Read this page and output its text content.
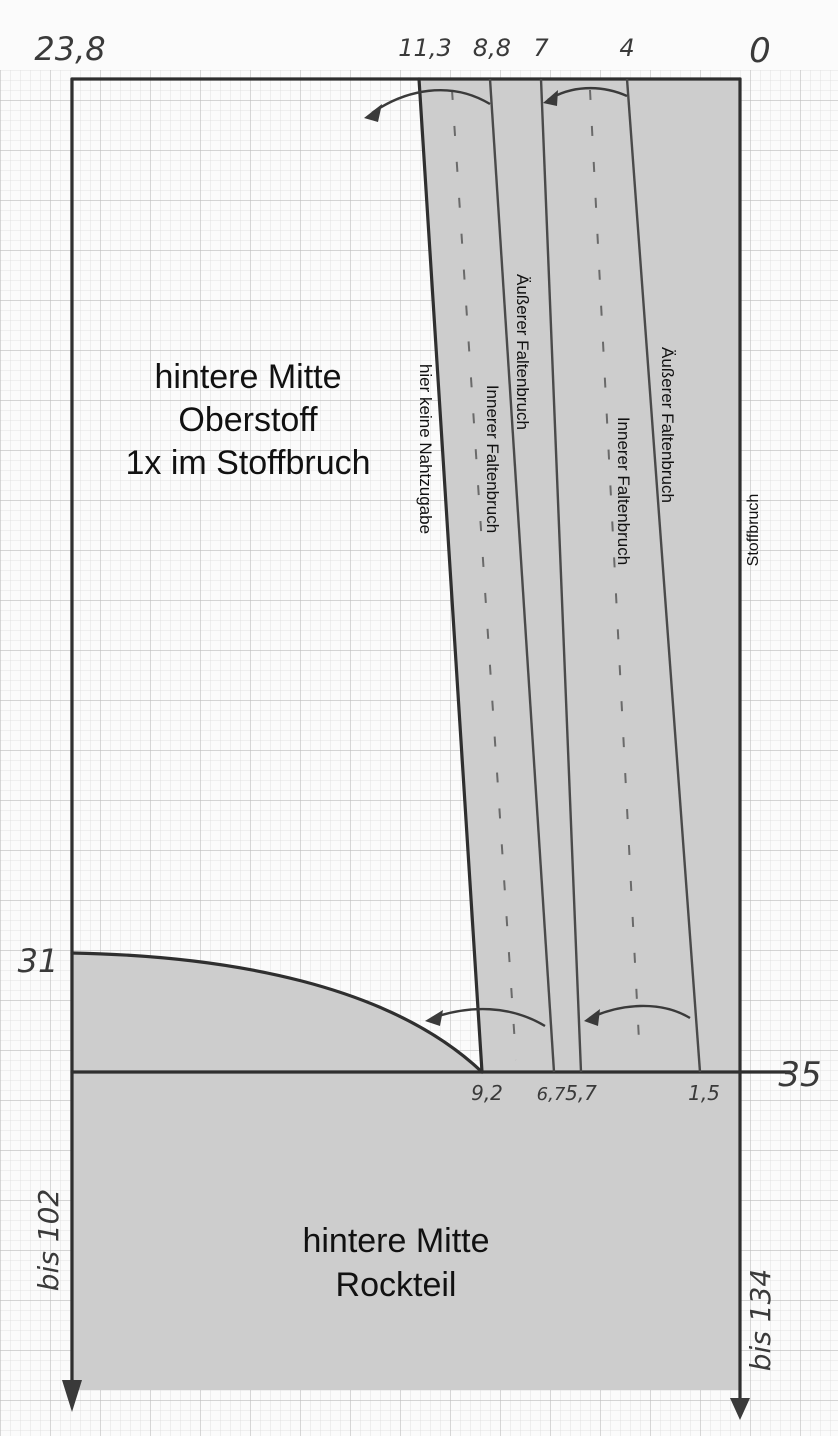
23,8	11,3 8,8 7	4	0
31
35
bis 102
bis 134
9,2 6,7 5,7	1,5
hintere Mitte
Oberstoff
1x im Stoffbruch
hintere Mitte
Rockteil
hier keine Nahtzugabe
Äußerer Faltenbruch
Innerer Faltenbruch	Innerer Faltenbruch Äußerer Faltenbruch
Stoffbruch
